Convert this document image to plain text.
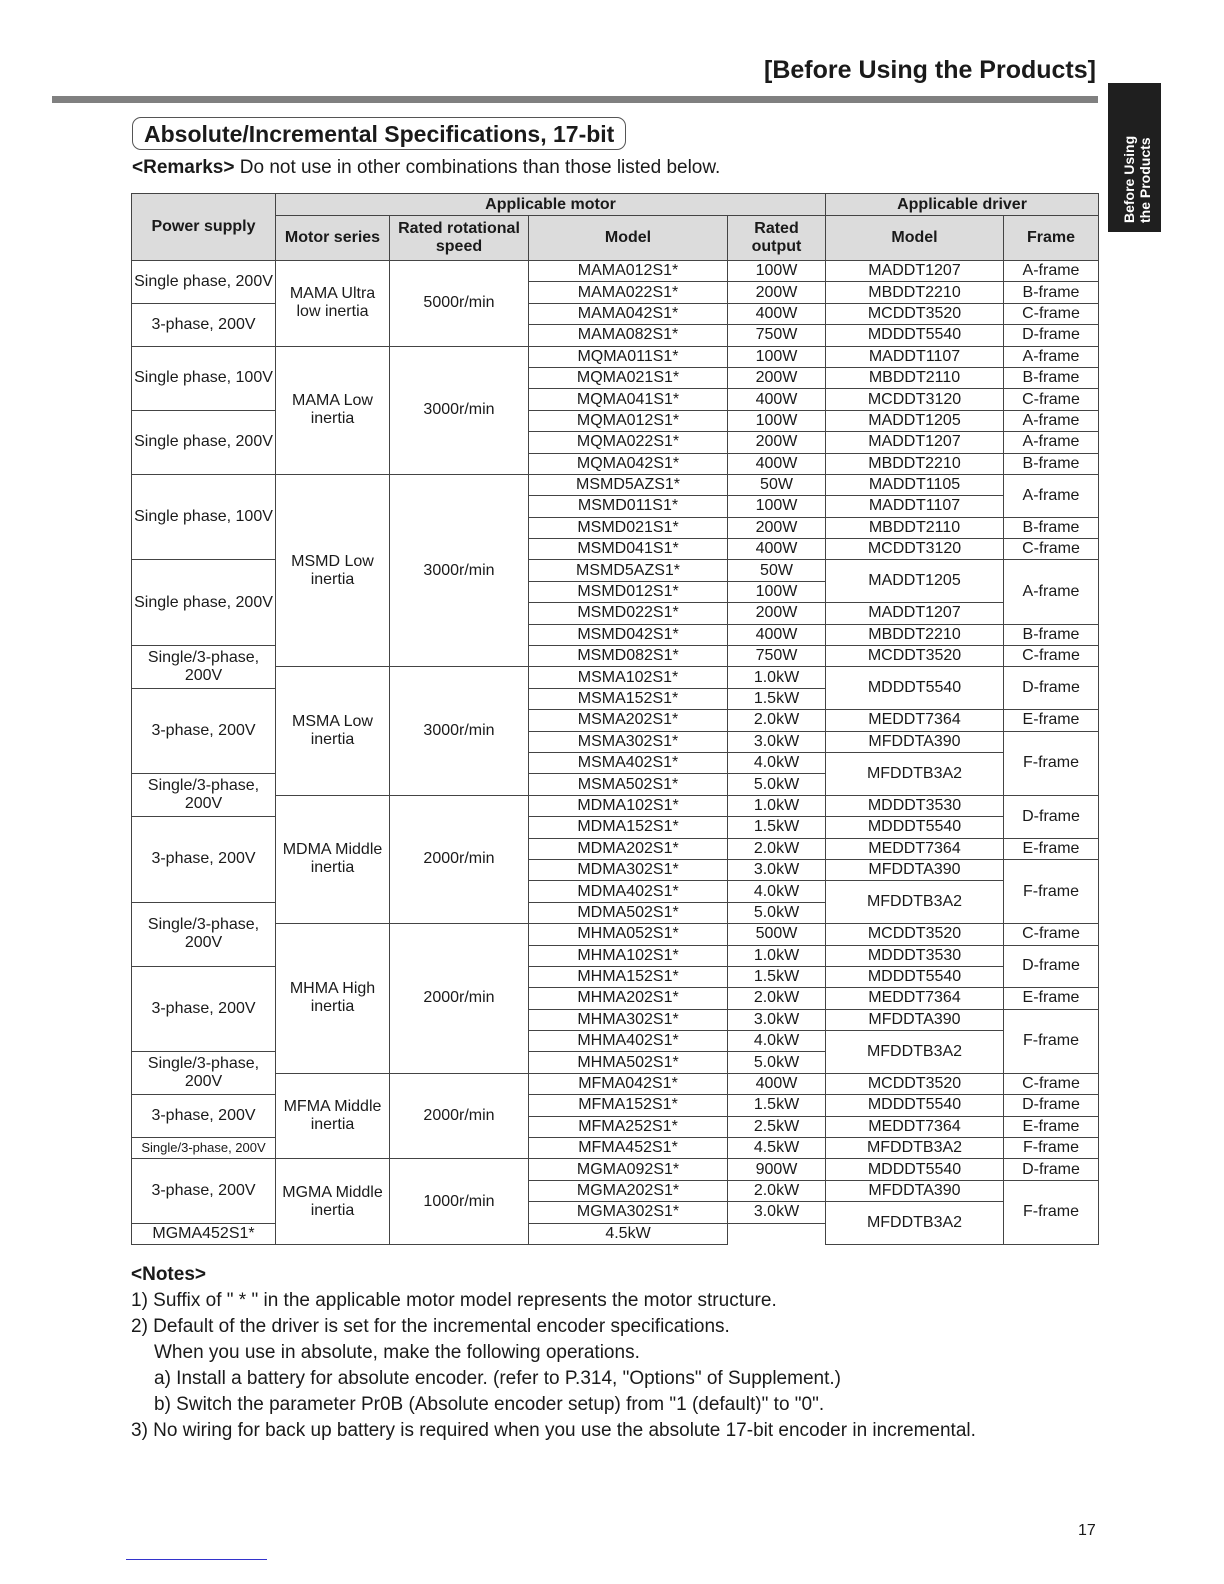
[Before Using the Products]
Before Using
the Products
Absolute/Incremental Specifications, 17-bit
<Remarks> Do not use in other combinations than those listed below.
Power supply	Applicable motor				Applicable driver	
	Motor series	Rated rotational speed	Model	Rated output	Model	Frame
Single phase, 200V	MAMA Ultra low inertia	5000r/min	MAMA012S1*	100W	MADDT1207	A-frame
			MAMA022S1*	200W	MBDDT2210	B-frame
3-phase, 200V			MAMA042S1*	400W	MCDDT3520	C-frame
			MAMA082S1*	750W	MDDDT5540	D-frame
Single phase, 100V	MAMA Low inertia	3000r/min	MQMA011S1*	100W	MADDT1107	A-frame
			MQMA021S1*	200W	MBDDT2110	B-frame
			MQMA041S1*	400W	MCDDT3120	C-frame
Single phase, 200V			MQMA012S1*	100W	MADDT1205	A-frame
			MQMA022S1*	200W	MADDT1207	A-frame
			MQMA042S1*	400W	MBDDT2210	B-frame
Single phase, 100V	MSMD Low inertia	3000r/min	MSMD5AZS1*	50W	MADDT1105	A-frame
			MSMD011S1*	100W	MADDT1107	
			MSMD021S1*	200W	MBDDT2110	B-frame
			MSMD041S1*	400W	MCDDT3120	C-frame
Single phase, 200V			MSMD5AZS1*	50W	MADDT1205	A-frame
			MSMD012S1*	100W		
			MSMD022S1*	200W	MADDT1207	
			MSMD042S1*	400W	MBDDT2210	B-frame
Single/3-phase, 200V			MSMD082S1*	750W	MCDDT3520	C-frame
	MSMA Low inertia	3000r/min	MSMA102S1*	1.0kW	MDDDT5540	D-frame
3-phase, 200V			MSMA152S1*	1.5kW		
			MSMA202S1*	2.0kW	MEDDT7364	E-frame
			MSMA302S1*	3.0kW	MFDDTA390	F-frame
			MSMA402S1*	4.0kW	MFDDTB3A2	
Single/3-phase, 200V			MSMA502S1*	5.0kW		
	MDMA Middle inertia	2000r/min	MDMA102S1*	1.0kW	MDDDT3530	D-frame
3-phase, 200V			MDMA152S1*	1.5kW	MDDDT5540	
			MDMA202S1*	2.0kW	MEDDT7364	E-frame
			MDMA302S1*	3.0kW	MFDDTA390	F-frame
			MDMA402S1*	4.0kW	MFDDTB3A2	
Single/3-phase, 200V			MDMA502S1*	5.0kW		
	MHMA High inertia	2000r/min	MHMA052S1*	500W	MCDDT3520	C-frame
			MHMA102S1*	1.0kW	MDDDT3530	D-frame
3-phase, 200V			MHMA152S1*	1.5kW	MDDDT5540	
			MHMA202S1*	2.0kW	MEDDT7364	E-frame
			MHMA302S1*	3.0kW	MFDDTA390	F-frame
			MHMA402S1*	4.0kW	MFDDTB3A2	
Single/3-phase, 200V			MHMA502S1*	5.0kW		
	MFMA Middle inertia	2000r/min	MFMA042S1*	400W	MCDDT3520	C-frame
3-phase, 200V			MFMA152S1*	1.5kW	MDDDT5540	D-frame
			MFMA252S1*	2.5kW	MEDDT7364	E-frame
Single/3-phase, 200V			MFMA452S1*	4.5kW	MFDDTB3A2	F-frame
3-phase, 200V	MGMA Middle inertia	1000r/min	MGMA092S1*	900W	MDDDT5540	D-frame
			MGMA202S1*	2.0kW	MFDDTA390	F-frame
			MGMA302S1*	3.0kW	MFDDTB3A2	
MGMA452S1*			4.5kW			
<Notes>
1) Suffix of " * " in the applicable motor model represents the motor structure.
2) Default of the driver is set for the incremental encoder specifications.
When you use in absolute, make the following operations.
a) Install a battery for absolute encoder. (refer to P.314, "Options" of Supplement.)
b) Switch the parameter Pr0B (Absolute encoder setup) from "1 (default)" to "0".
3) No wiring for back up battery is required when you use the absolute 17-bit encoder in incremental.
17
